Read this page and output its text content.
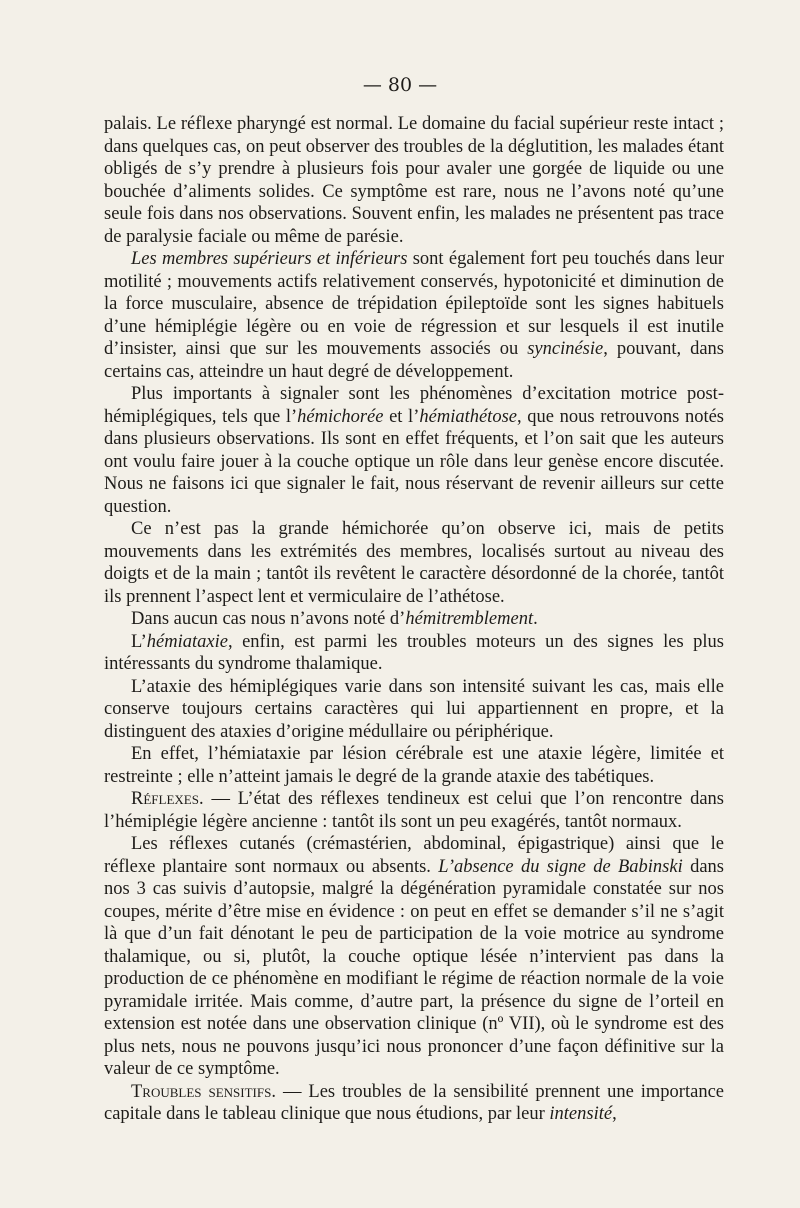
— 80 —

palais. Le réflexe pharyngé est normal. Le domaine du facial supérieur reste intact ; dans quelques cas, on peut observer des troubles de la déglutition, les malades étant obligés de s’y prendre à plusieurs fois pour avaler une gorgée de liquide ou une bouchée d’aliments solides. Ce symptôme est rare, nous ne l’avons noté qu’une seule fois dans nos observations. Souvent enfin, les malades ne présentent pas trace de paralysie faciale ou même de parésie.

Les membres supérieurs et inférieurs sont également fort peu touchés dans leur motilité ; mouvements actifs relativement conservés, hypotonicité et diminution de la force musculaire, absence de trépidation épileptoïde sont les signes habituels d’une hémiplégie légère ou en voie de régression et sur lesquels il est inutile d’insister, ainsi que sur les mouvements associés ou syncinésie, pouvant, dans certains cas, atteindre un haut degré de développement.

Plus importants à signaler sont les phénomènes d’excitation motrice post-hémiplégiques, tels que l’hémichorée et l’hémiathétose, que nous retrouvons notés dans plusieurs observations. Ils sont en effet fréquents, et l’on sait que les auteurs ont voulu faire jouer à la couche optique un rôle dans leur genèse encore discutée. Nous ne faisons ici que signaler le fait, nous réservant de revenir ailleurs sur cette question.

Ce n’est pas la grande hémichorée qu’on observe ici, mais de petits mouvements dans les extrémités des membres, localisés surtout au niveau des doigts et de la main ; tantôt ils revêtent le caractère désordonné de la chorée, tantôt ils prennent l’aspect lent et vermiculaire de l’athétose.

Dans aucun cas nous n’avons noté d’hémitremblement.

L’hémiataxie, enfin, est parmi les troubles moteurs un des signes les plus intéressants du syndrome thalamique.

L’ataxie des hémiplégiques varie dans son intensité suivant les cas, mais elle conserve toujours certains caractères qui lui appartiennent en propre, et la distinguent des ataxies d’origine médullaire ou périphérique.

En effet, l’hémiataxie par lésion cérébrale est une ataxie légère, limitée et restreinte ; elle n’atteint jamais le degré de la grande ataxie des tabétiques.

Réflexes. — L’état des réflexes tendineux est celui que l’on rencontre dans l’hémiplégie légère ancienne : tantôt ils sont un peu exagérés, tantôt normaux.

Les réflexes cutanés (crémastérien, abdominal, épigastrique) ainsi que le réflexe plantaire sont normaux ou absents. L’absence du signe de Babinski dans nos 3 cas suivis d’autopsie, malgré la dégénération pyramidale constatée sur nos coupes, mérite d’être mise en évidence : on peut en effet se demander s’il ne s’agit là que d’un fait dénotant le peu de participation de la voie motrice au syndrome thalamique, ou si, plutôt, la couche optique lésée n’intervient pas dans la production de ce phénomène en modifiant le régime de réaction normale de la voie pyramidale irritée. Mais comme, d’autre part, la présence du signe de l’orteil en extension est notée dans une observation clinique (nº VII), où le syndrome est des plus nets, nous ne pouvons jusqu’ici nous prononcer d’une façon définitive sur la valeur de ce symptôme.

Troubles sensitifs. — Les troubles de la sensibilité prennent une importance capitale dans le tableau clinique que nous étudions, par leur intensité,
